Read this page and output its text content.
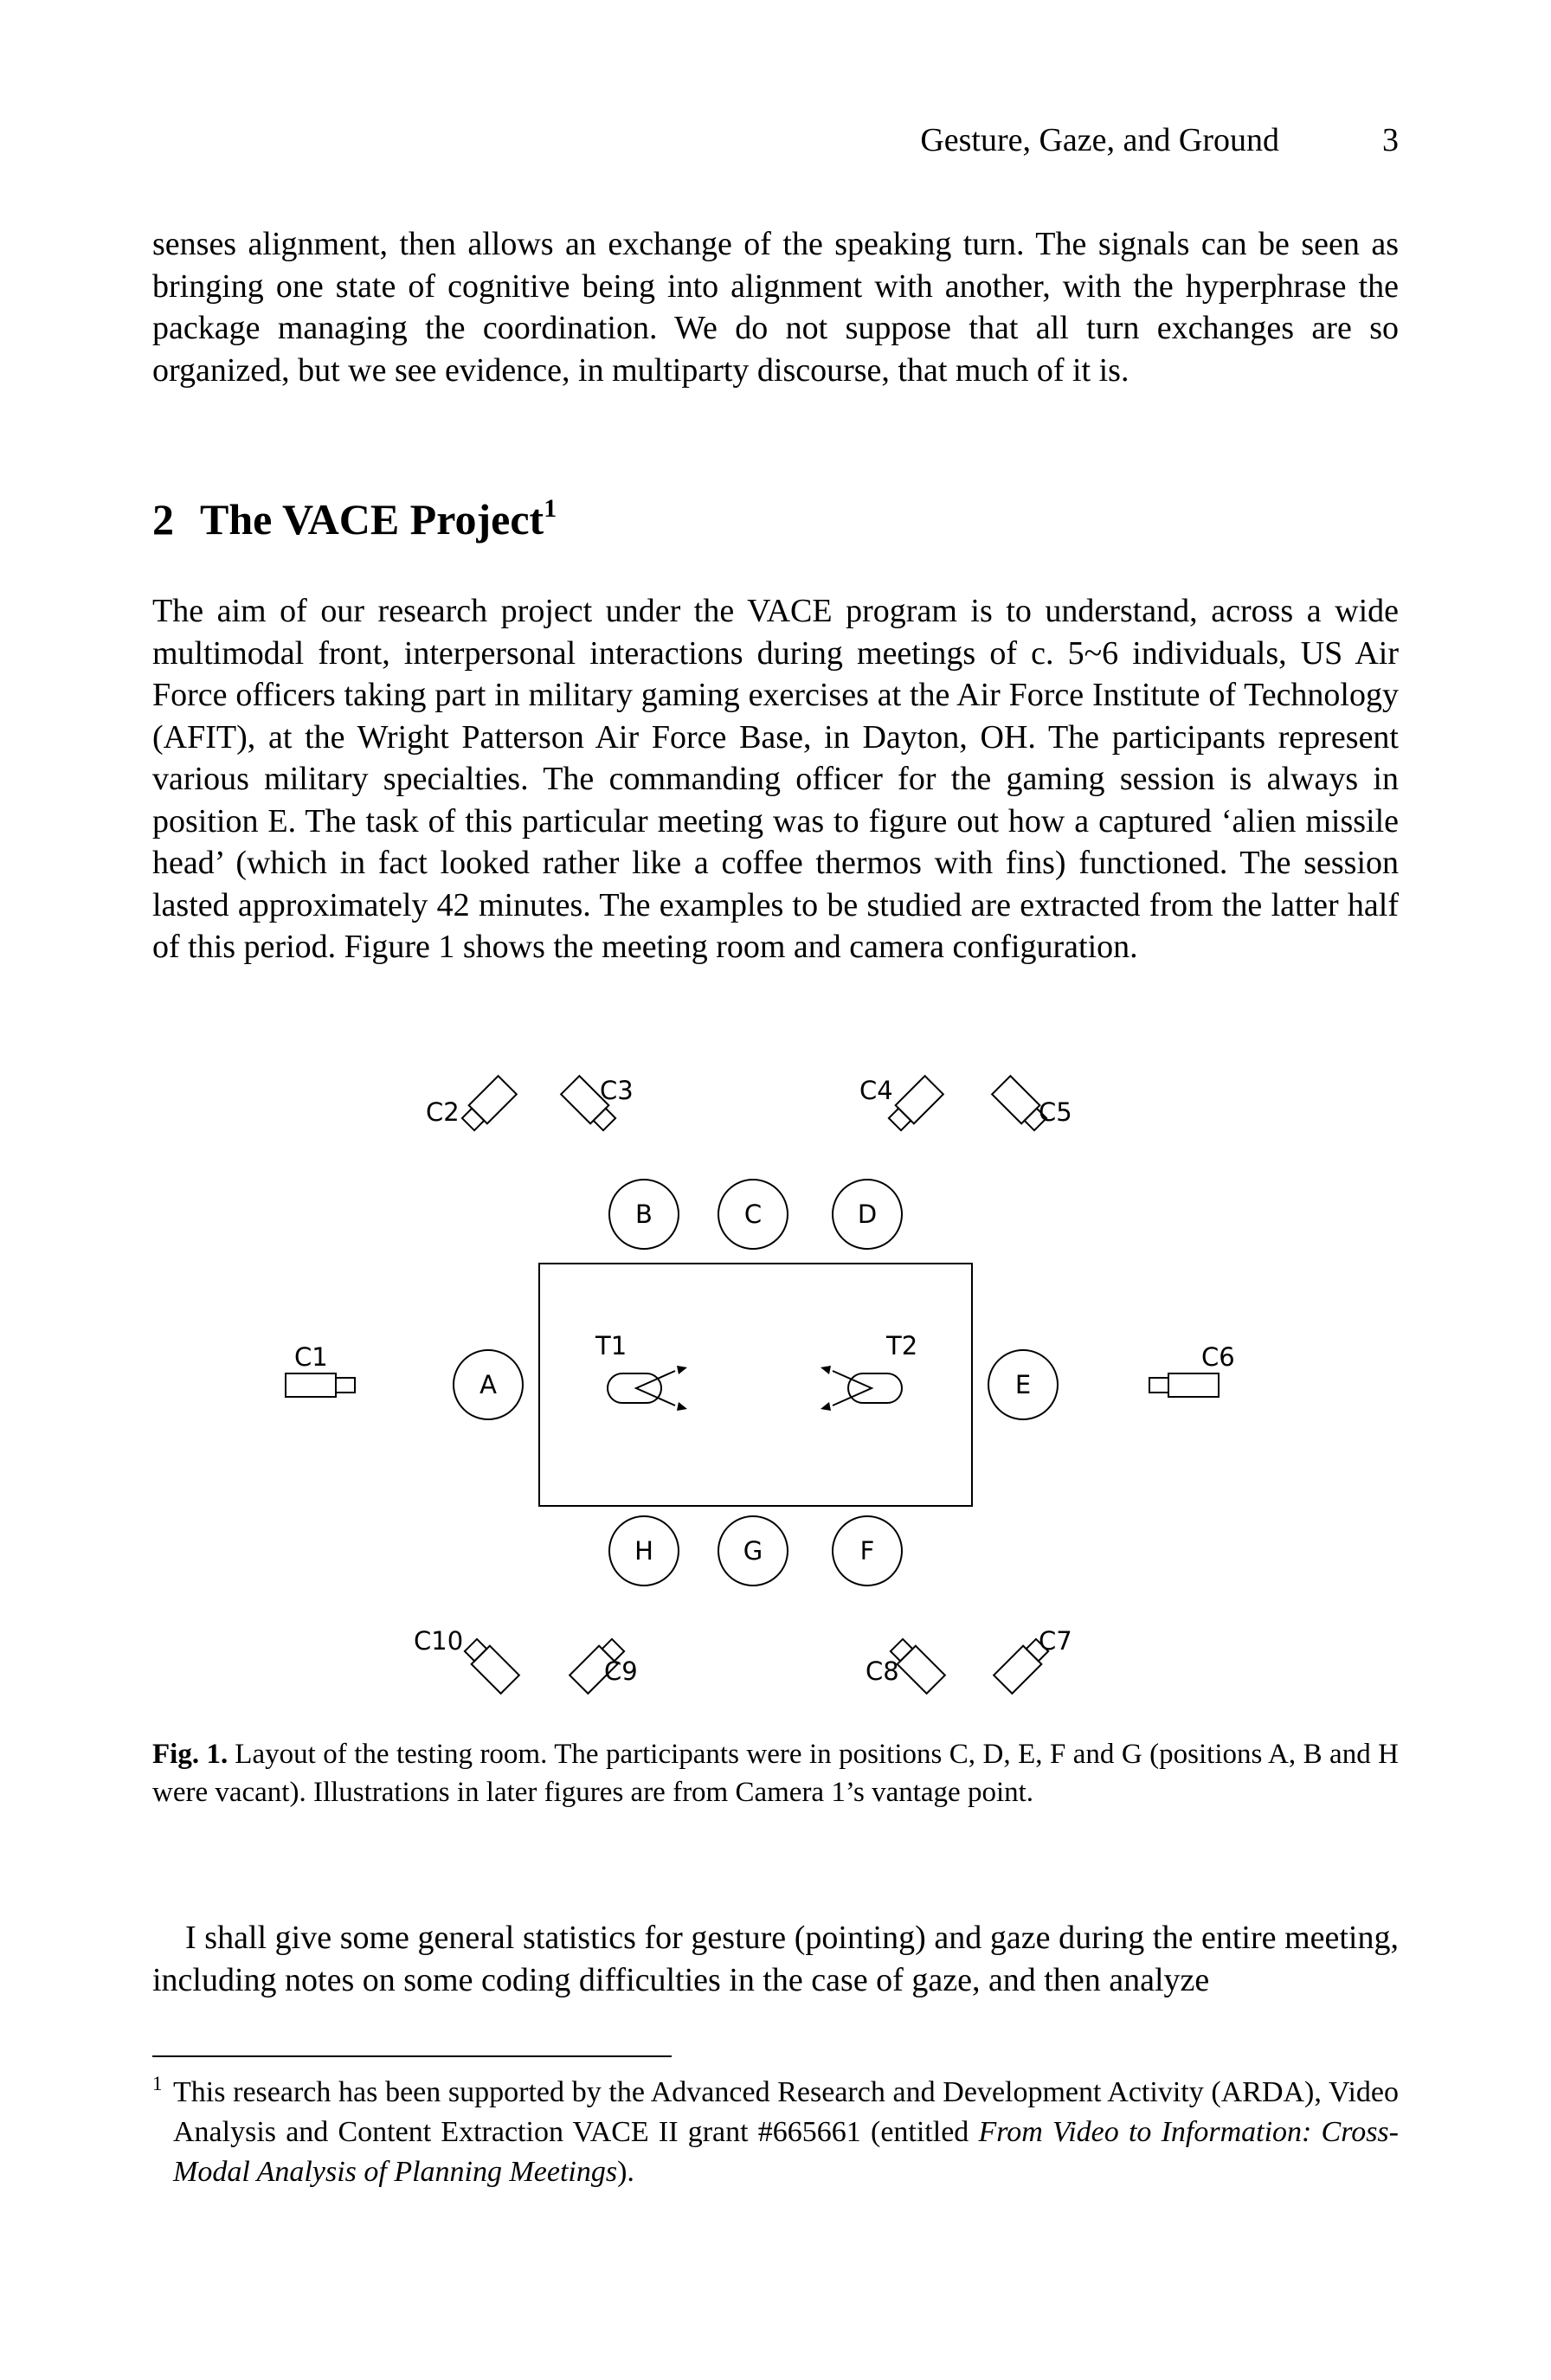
Gesture, Gaze, and Ground	3

senses alignment, then allows an exchange of the speaking turn. The signals can be seen as bringing one state of cognitive being into alignment with another, with the hyperphrase the package managing the coordination. We do not suppose that all turn exchanges are so organized, but we see evidence, in multiparty discourse, that much of it is.

2 The VACE Project$^1$

The aim of our research project under the VACE program is to understand, across a wide multimodal front, interpersonal interactions during meetings of c. 5~6 individuals, US Air Force officers taking part in military gaming exercises at the Air Force Institute of Technology (AFIT), at the Wright Patterson Air Force Base, in Dayton, OH. The participants represent various military specialties. The commanding officer for the gaming session is always in position E. The task of this particular meeting was to figure out how a captured ‘alien missile head’ (which in fact looked rather like a coffee thermos with fins) functioned. The session lasted approximately 42 minutes. The examples to be studied are extracted from the latter half of this period. Figure 1 shows the meeting room and camera configuration.

B	C	D
A	E
H	G	F
C1
C2
C3	C4
C5
C6
C7
C8
C9
C10
T1	T2

Fig. 1. Layout of the testing room. The participants were in positions C, D, E, F and G (positions A, B and H were vacant). Illustrations in later figures are from Camera 1’s vantage point.

I shall give some general statistics for gesture (pointing) and gaze during the entire meeting, including notes on some coding difficulties in the case of gaze, and then analyze

1 This research has been supported by the Advanced Research and Development Activity (ARDA), Video Analysis and Content Extraction VACE II grant #665661 (entitled From Video to Information: Cross-Modal Analysis of Planning Meetings).
